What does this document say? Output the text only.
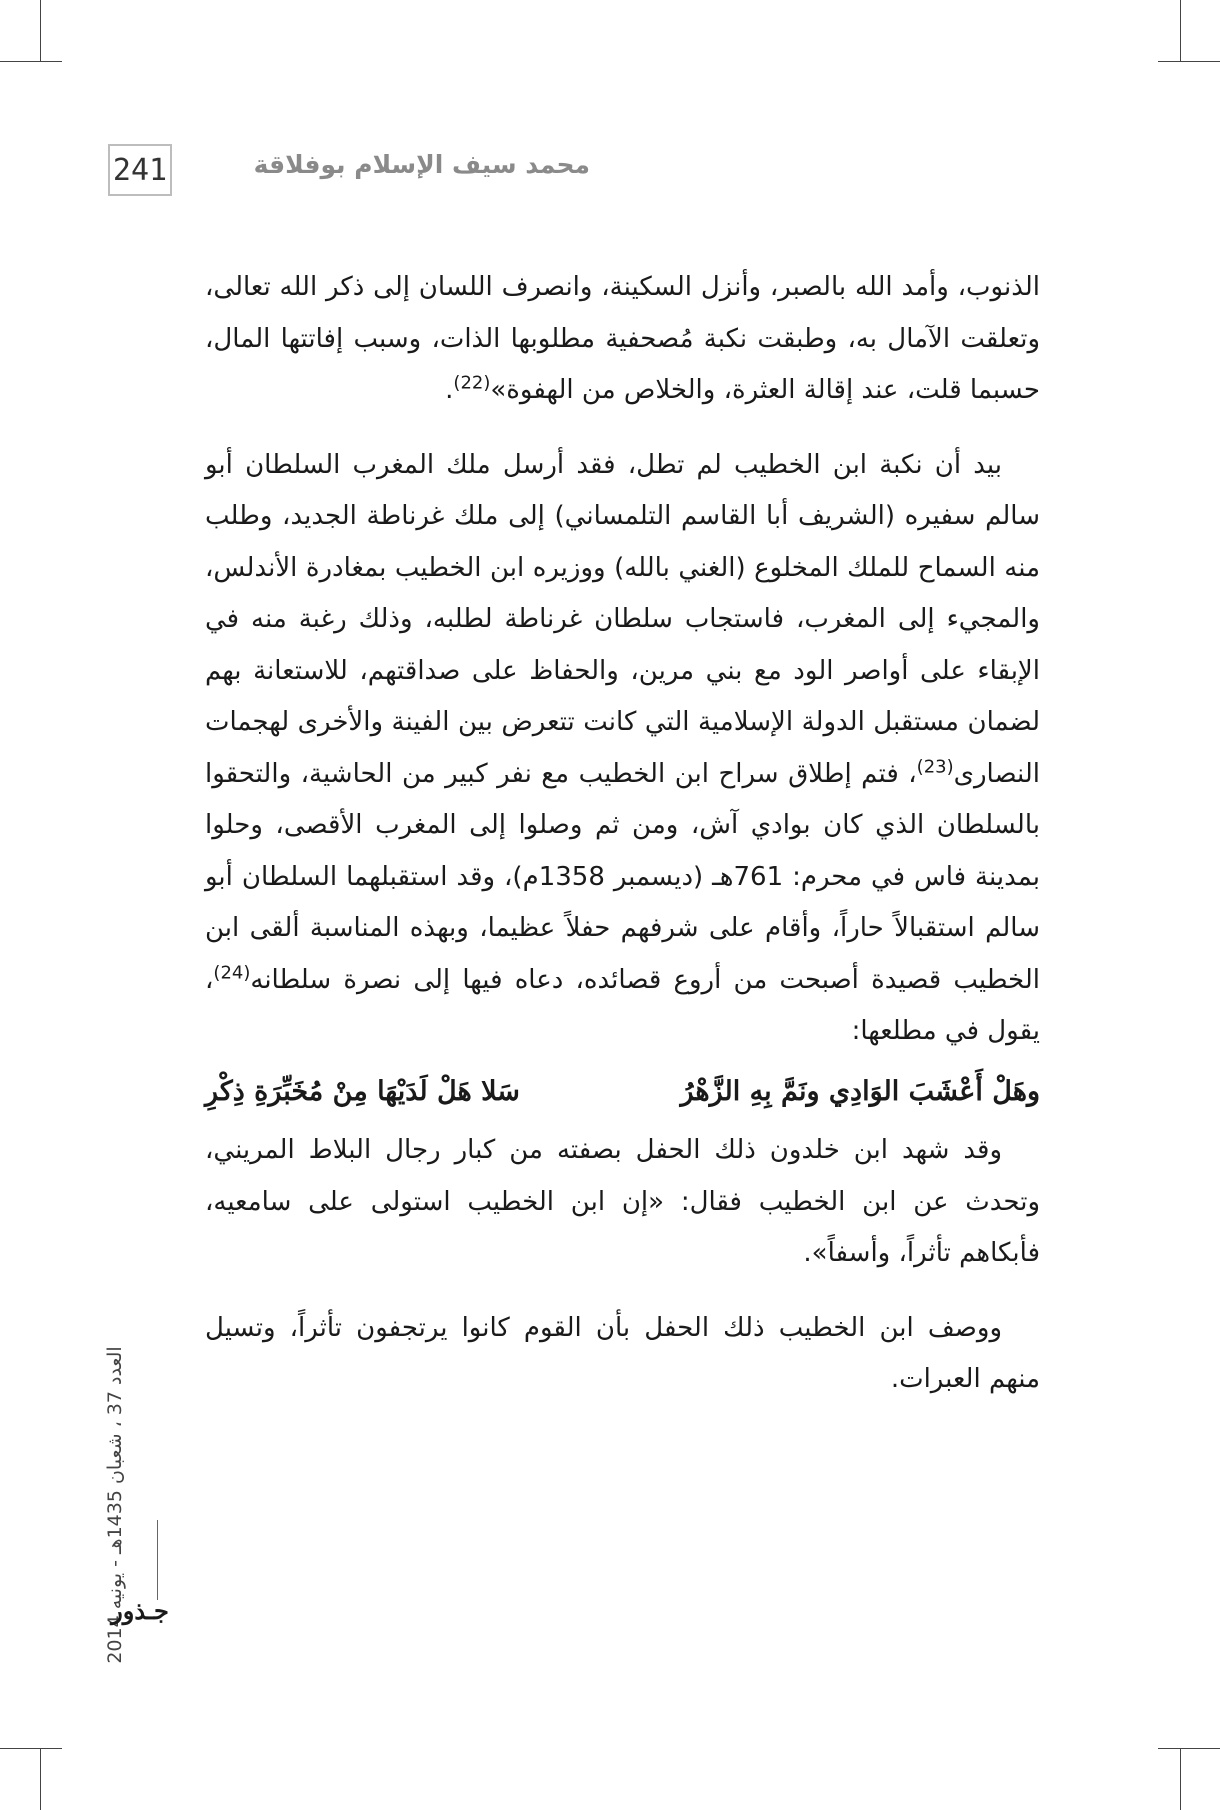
241	محمد سيف الإسلام بوفلاقة

الذنوب، وأمد الله بالصبر، وأنزل السكينة، وانصرف اللسان إلى ذكر الله تعالى، وتعلقت الآمال به، وطبقت نكبة مُصحفية مطلوبها الذات، وسبب إفاتتها المال، حسبما قلت، عند إقالة العثرة، والخلاص من الهفوة»$^{(22)}$.

بيد أن نكبة ابن الخطيب لم تطل، فقد أرسل ملك المغرب السلطان أبو سالم سفيره (الشريف أبا القاسم التلمساني) إلى ملك غرناطة الجديد، وطلب منه السماح للملك المخلوع (الغني بالله) ووزيره ابن الخطيب بمغادرة الأندلس، والمجيء إلى المغرب، فاستجاب سلطان غرناطة لطلبه، وذلك رغبة منه في الإبقاء على أواصر الود مع بني مرين، والحفاظ على صداقتهم، للاستعانة بهم لضمان مستقبل الدولة الإسلامية التي كانت تتعرض بين الفينة والأخرى لهجمات النصارى$^{(23)}$، فتم إطلاق سراح ابن الخطيب مع نفر كبير من الحاشية، والتحقوا بالسلطان الذي كان بوادي آش، ومن ثم وصلوا إلى المغرب الأقصى، وحلوا بمدينة فاس في محرم: 761هـ (ديسمبر 1358م)، وقد استقبلهما السلطان أبو سالم استقبالاً حاراً، وأقام على شرفهم حفلاً عظيما، وبهذه المناسبة ألقى ابن الخطيب قصيدة أصبحت من أروع قصائده، دعاه فيها إلى نصرة سلطانه$^{(24)}$، يقول في مطلعها:

سَلا هَلْ لَدَيْهَا مِنْ مُخَبِّرَةِ ذِكْرِ	وهَلْ أَعْشَبَ الوَادِي ونَمَّ بِهِ الزَّهْرُ

وقد شهد ابن خلدون ذلك الحفل بصفته من كبار رجال البلاط المريني، وتحدث عن ابن الخطيب فقال: «إن ابن الخطيب استولى على سامعيه، فأبكاهم تأثراً، وأسفاً».

ووصف ابن الخطيب ذلك الحفل بأن القوم كانوا يرتجفون تأثراً، وتسيل منهم العبرات.

العدد 37 ، شعبان 1435هـ - يونيه 2014
جـذور
